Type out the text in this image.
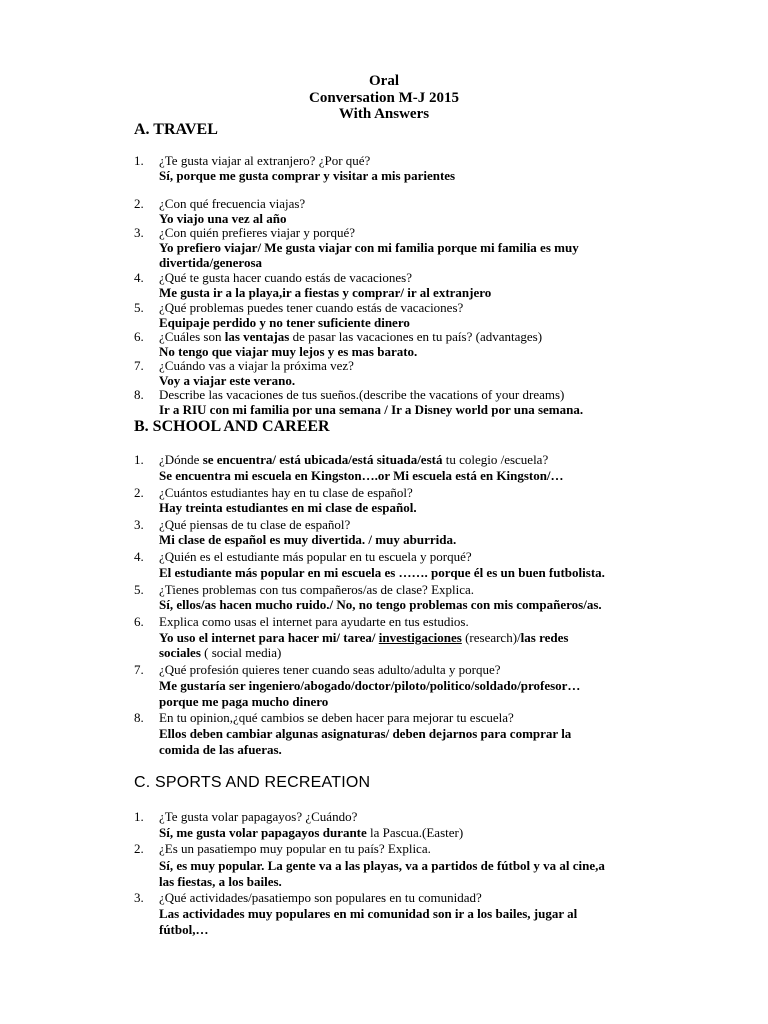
Oral
Conversation M-J 2015
With Answers
A. TRAVEL
1. ¿Te gusta viajar al extranjero? ¿Por qué?
Sí, porque me gusta comprar y visitar a mis parientes
2. ¿Con qué frecuencia viajas?
Yo viajo una vez al año
3. ¿Con quién prefieres viajar y porqué?
Yo prefiero viajar/ Me gusta viajar con mi familia porque mi familia es muy
divertida/generosa
4. ¿Qué te gusta hacer cuando estás de vacaciones?
Me gusta ir a la playa,ir a fiestas y comprar/ ir al extranjero
5. ¿Qué problemas puedes tener cuando estás de vacaciones?
Equipaje perdido y no tener suficiente dinero
6. ¿Cuáles son las ventajas de pasar las vacaciones en tu país? (advantages)
No tengo que viajar muy lejos y es mas barato.
7. ¿Cuándo vas a viajar la próxima vez?
Voy a viajar este verano.
8. Describe las vacaciones de tus sueños.(describe the vacations of your dreams)
Ir a RIU con mi familia por una semana / Ir a Disney world por una semana.
B. SCHOOL AND CAREER
1. ¿Dónde se encuentra/ está ubicada/está situada/está tu colegio /escuela?
Se encuentra mi escuela en Kingston….or Mi escuela está en Kingston/…
2. ¿Cuántos estudiantes hay en tu clase de español?
Hay treinta estudiantes en mi clase de español.
3. ¿Qué piensas de tu clase de español?
Mi clase de español es muy divertida. / muy aburrida.
4. ¿Quién es el estudiante más popular en tu escuela y porqué?
El estudiante más popular en mi escuela es ……. porque él es un buen futbolista.
5. ¿Tienes problemas con tus compañeros/as de clase? Explica.
Sí, ellos/as hacen mucho ruido./ No, no tengo problemas con mis compañeros/as.
6. Explica como usas el internet para ayudarte en tus estudios.
Yo uso el internet para hacer mi/ tarea/ investigaciones (research)/las redes
sociales ( social media)
7. ¿Qué profesión quieres tener cuando seas adulto/adulta y porque?
Me gustaría ser ingeniero/abogado/doctor/piloto/politico/soldado/profesor…
porque me paga mucho dinero
8. En tu opinion,¿qué cambios se deben hacer para mejorar tu escuela?
Ellos deben cambiar algunas asignaturas/ deben dejarnos para comprar la
comida de las afueras.
C. SPORTS AND RECREATION
1. ¿Te gusta volar papagayos? ¿Cuándo?
Sí, me gusta volar papagayos durante la Pascua.(Easter)
2. ¿Es un pasatiempo muy popular en tu país? Explica.
Sí, es muy popular. La gente va a las playas, va a partidos de fútbol y va al cine,a
las fiestas, a los bailes.
3. ¿Qué actividades/pasatiempo son populares en tu comunidad?
Las actividades muy populares en mi comunidad son ir a los bailes, jugar al
fútbol,…
